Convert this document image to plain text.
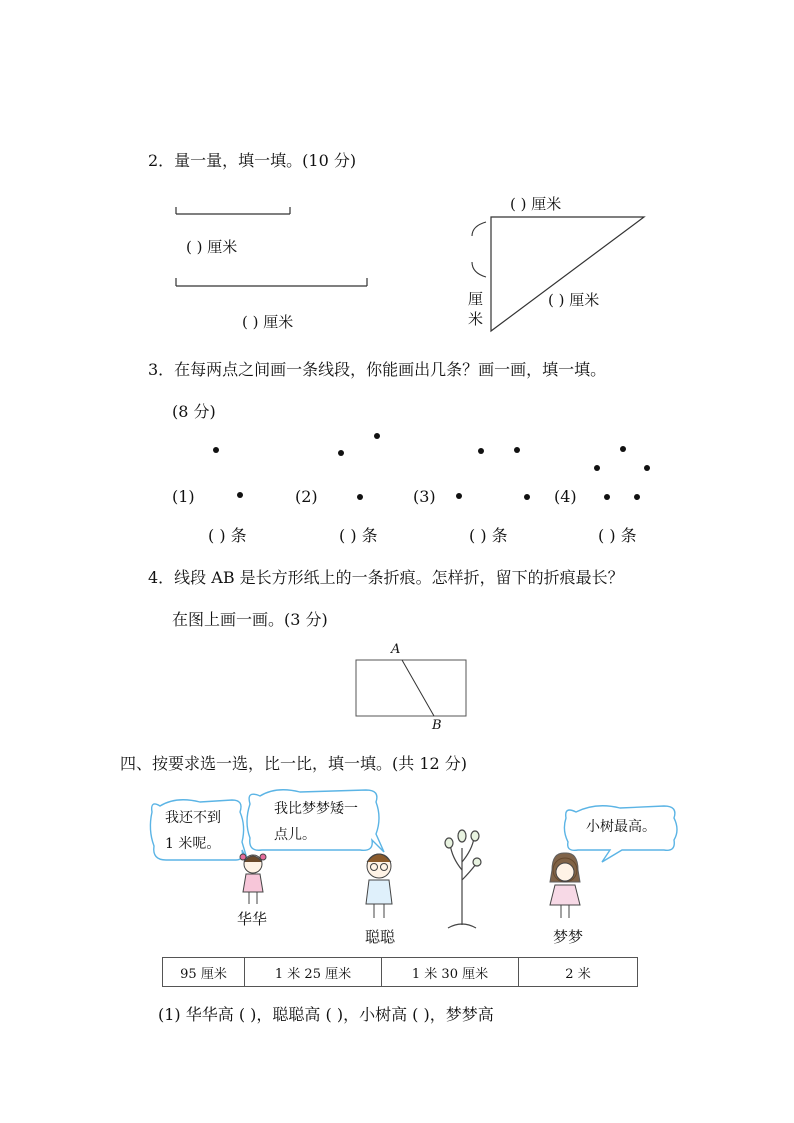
2．量一量，填一填。(10 分)
( ) 厘米
( ) 厘米
( ) 厘米
( ) 厘米
厘
米
3．在每两点之间画一条线段，你能画出几条？画一画，填一填。
(8 分)
(1)	(2)	(3)	(4)
( ) 条	( ) 条	( ) 条	( ) 条
4．线段 AB 是长方形纸上的一条折痕。怎样折，留下的折痕最长？
在图上画一画。(3 分)
A
B
四、按要求选一选，比一比，填一填。(共 12 分)
我还不到
1 米呢。
我比梦梦矮一
点儿。	小树最高。
华华
聪聪	梦梦
95 厘米	1 米 25 厘米	1 米 30 厘米	2 米
(1) 华华高 ( )，聪聪高 ( )，小树高 ( )，梦梦高
